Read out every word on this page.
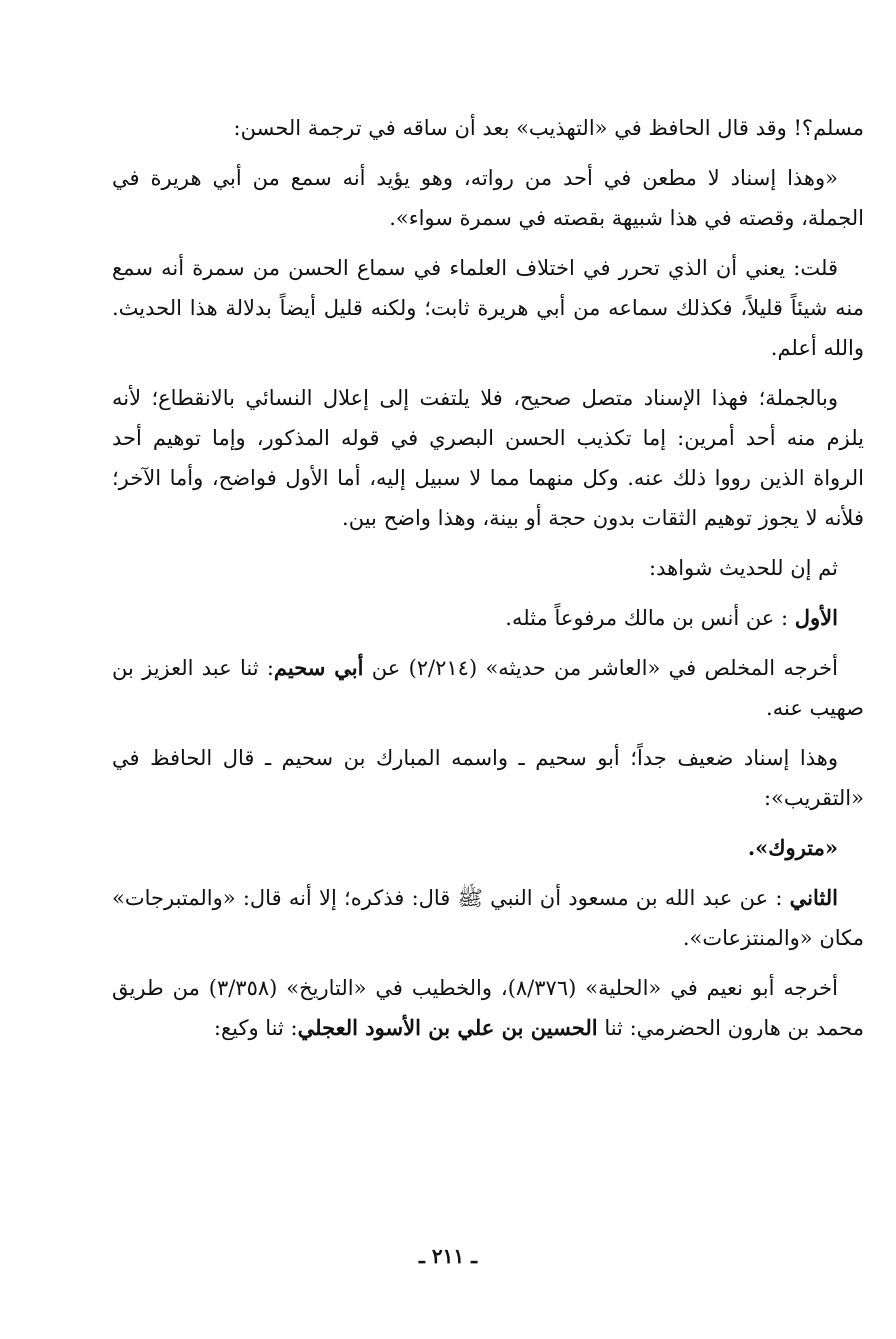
مسلم؟! وقد قال الحافظ في «التهذيب» بعد أن ساقه في ترجمة الحسن:

«وهذا إسناد لا مطعن في أحد من رواته، وهو يؤيد أنه سمع من أبي هريرة في الجملة، وقصته في هذا شبيهة بقصته في سمرة سواء».

قلت: يعني أن الذي تحرر في اختلاف العلماء في سماع الحسن من سمرة أنه سمع منه شيئاً قليلاً، فكذلك سماعه من أبي هريرة ثابت؛ ولكنه قليل أيضاً بدلالة هذا الحديث. والله أعلم.

وبالجملة؛ فهذا الإسناد متصل صحيح، فلا يلتفت إلى إعلال النسائي بالانقطاع؛ لأنه يلزم منه أحد أمرين: إما تكذيب الحسن البصري في قوله المذكور، وإما توهيم أحد الرواة الذين رووا ذلك عنه. وكل منهما مما لا سبيل إليه، أما الأول فواضح، وأما الآخر؛ فلأنه لا يجوز توهيم الثقات بدون حجة أو بينة، وهذا واضح بين.

ثم إن للحديث شواهد:

الأول : عن أنس بن مالك مرفوعاً مثله.

أخرجه المخلص في «العاشر من حديثه» (٢/٢١٤) عن أبي سحيم: ثنا عبد العزيز بن صهيب عنه.

وهذا إسناد ضعيف جداً؛ أبو سحيم ـ واسمه المبارك بن سحيم ـ قال الحافظ في «التقريب»:

«متروك».

الثاني : عن عبد الله بن مسعود أن النبي ﷺ قال: فذكره؛ إلا أنه قال: «والمتبرجات» مكان «والمنتزعات».

أخرجه أبو نعيم في «الحلية» (٨/٣٧٦)، والخطيب في «التاريخ» (٣/٣٥٨) من طريق محمد بن هارون الحضرمي: ثنا الحسين بن علي بن الأسود العجلي: ثنا وكيع:

ـ ٢١١ ـ
